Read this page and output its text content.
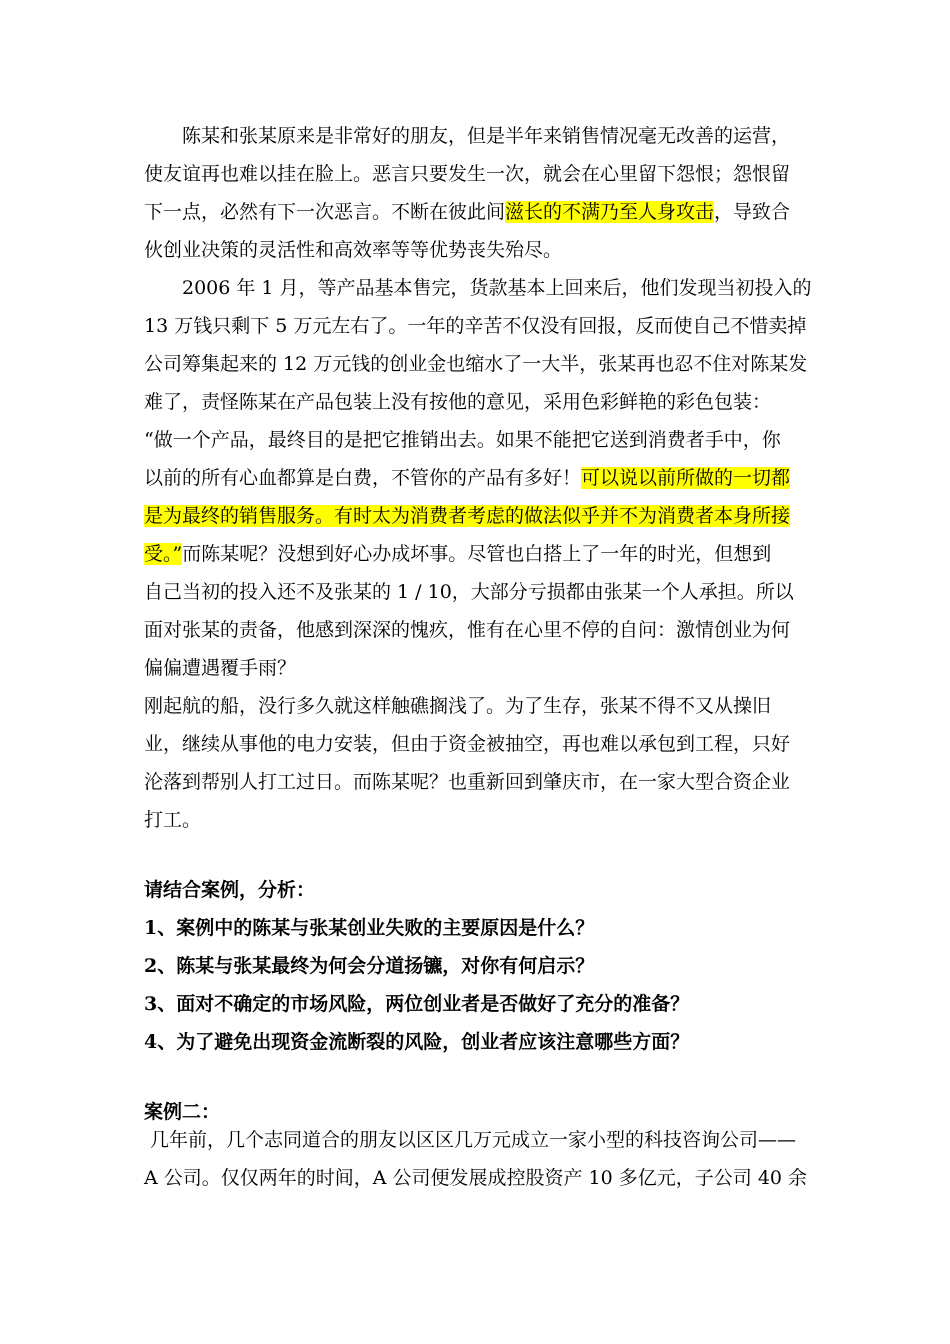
陈某和张某原来是非常好的朋友，但是半年来销售情况毫无改善的运营，
使友谊再也难以挂在脸上。恶言只要发生一次，就会在心里留下怨恨；怨恨留
下一点，必然有下一次恶言。不断在彼此间滋长的不满乃至人身攻击，导致合
伙创业决策的灵活性和高效率等等优势丧失殆尽。
2006 年 1 月，等产品基本售完，货款基本上回来后，他们发现当初投入的
13 万钱只剩下 5 万元左右了。一年的辛苦不仅没有回报，反而使自己不惜卖掉
公司筹集起来的 12 万元钱的创业金也缩水了一大半，张某再也忍不住对陈某发
难了，责怪陈某在产品包装上没有按他的意见，采用色彩鲜艳的彩色包装：
“做一个产品，最终目的是把它推销出去。如果不能把它送到消费者手中，你
以前的所有心血都算是白费，不管你的产品有多好！可以说以前所做的一切都
是为最终的销售服务。有时太为消费者考虑的做法似乎并不为消费者本身所接
受。”而陈某呢？没想到好心办成坏事。尽管也白搭上了一年的时光，但想到
自己当初的投入还不及张某的 1 / 10，大部分亏损都由张某一个人承担。所以
面对张某的责备，他感到深深的愧疚，惟有在心里不停的自问：激情创业为何
偏偏遭遇覆手雨？
刚起航的船，没行多久就这样触礁搁浅了。为了生存，张某不得不又从操旧
业，继续从事他的电力安装，但由于资金被抽空，再也难以承包到工程，只好
沦落到帮别人打工过日。而陈某呢？也重新回到肇庆市，在一家大型合资企业
打工。
请结合案例，分析：
1、案例中的陈某与张某创业失败的主要原因是什么？
2、陈某与张某最终为何会分道扬镳，对你有何启示？
3、面对不确定的市场风险，两位创业者是否做好了充分的准备？
4、为了避免出现资金流断裂的风险，创业者应该注意哪些方面？
案例二：
几年前，几个志同道合的朋友以区区几万元成立一家小型的科技咨询公司——
A 公司。仅仅两年的时间，A 公司便发展成控股资产 10 多亿元，子公司 40 余
